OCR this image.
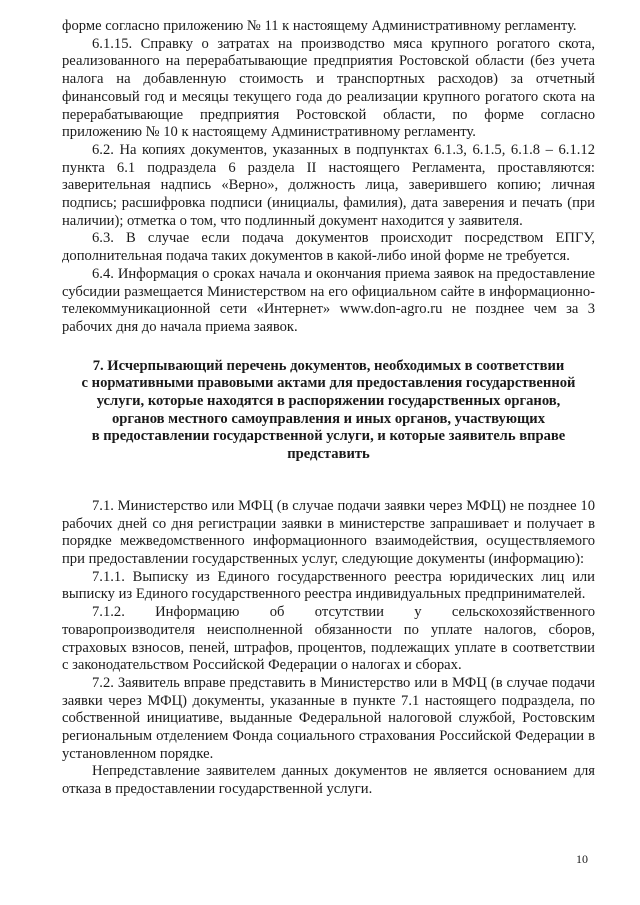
форме согласно приложению № 11 к настоящему Административному регламенту.

6.1.15. Справку о затратах на производство мяса крупного рогатого скота, реализованного на перерабатывающие предприятия Ростовской области (без учета налога на добавленную стоимость и транспортных расходов) за отчетный финансовый год и месяцы текущего года до реализации крупного рогатого скота на перерабатывающие предприятия Ростовской области, по форме согласно приложению № 10 к настоящему Административному регламенту.

6.2. На копиях документов, указанных в подпунктах 6.1.3, 6.1.5, 6.1.8 – 6.1.12 пункта 6.1 подраздела 6 раздела II настоящего Регламента, проставляются: заверительная надпись «Верно», должность лица, заверившего копию; личная подпись; расшифровка подписи (инициалы, фамилия), дата заверения и печать (при наличии); отметка о том, что подлинный документ находится у заявителя.

6.3. В случае если подача документов происходит посредством ЕПГУ, дополнительная подача таких документов в какой-либо иной форме не требуется.

6.4. Информация о сроках начала и окончания приема заявок на предоставление субсидии размещается Министерством на его официальном сайте в информационно-телекоммуникационной сети «Интернет» www.don-agro.ru не позднее чем за 3 рабочих дня до начала приема заявок.

7. Исчерпывающий перечень документов, необходимых в соответствии
с нормативными правовыми актами для предоставления государственной
услуги, которые находятся в распоряжении государственных органов,
органов местного самоуправления и иных органов, участвующих
в предоставлении государственной услуги, и которые заявитель вправе
представить

7.1. Министерство или МФЦ (в случае подачи заявки через МФЦ) не позднее 10 рабочих дней со дня регистрации заявки в министерстве запрашивает и получает в порядке межведомственного информационного взаимодействия, осуществляемого при предоставлении государственных услуг, следующие документы (информацию):

7.1.1. Выписку из Единого государственного реестра юридических лиц или выписку из Единого государственного реестра индивидуальных предпринимателей.

7.1.2. Информацию об отсутствии у сельскохозяйственного товаропроизводителя неисполненной обязанности по уплате налогов, сборов, страховых взносов, пеней, штрафов, процентов, подлежащих уплате в соответствии с законодательством Российской Федерации о налогах и сборах.

7.2. Заявитель вправе представить в Министерство или в МФЦ (в случае подачи заявки через МФЦ) документы, указанные в пункте 7.1 настоящего подраздела, по собственной инициативе, выданные Федеральной налоговой службой, Ростовским региональным отделением Фонда социального страхования Российской Федерации в установленном порядке.

Непредставление заявителем данных документов не является основанием для отказа в предоставлении государственной услуги.

10
